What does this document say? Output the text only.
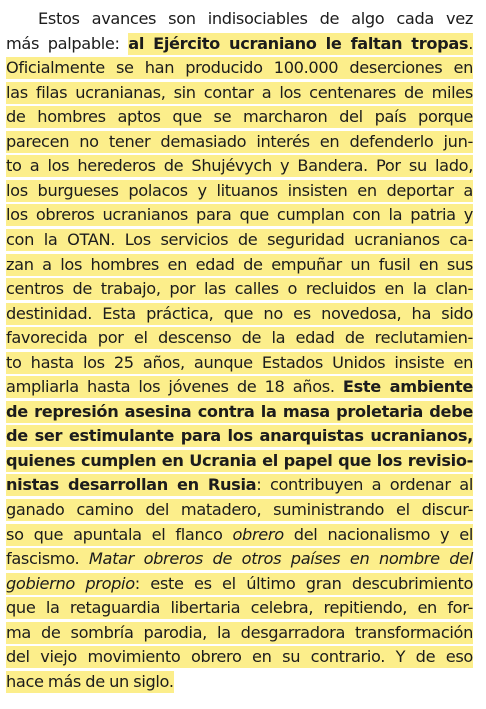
Estos avances son indisociables de algo cada vez
más palpable: al Ejército ucraniano le faltan tropas.
Oficialmente se han producido 100.000 deserciones en
las filas ucranianas, sin contar a los centenares de miles
de hombres aptos que se marcharon del país porque
parecen no tener demasiado interés en defenderlo jun-
to a los herederos de Shujévych y Bandera. Por su lado,
los burgueses polacos y lituanos insisten en deportar a
los obreros ucranianos para que cumplan con la patria y
con la OTAN. Los servicios de seguridad ucranianos ca-
zan a los hombres en edad de empuñar un fusil en sus
centros de trabajo, por las calles o recluidos en la clan-
destinidad. Esta práctica, que no es novedosa, ha sido
favorecida por el descenso de la edad de reclutamien-
to hasta los 25 años, aunque Estados Unidos insiste en
ampliarla hasta los jóvenes de 18 años. Este ambiente
de represión asesina contra la masa proletaria debe
de ser estimulante para los anarquistas ucranianos,
quienes cumplen en Ucrania el papel que los revisio-
nistas desarrollan en Rusia: contribuyen a ordenar al
ganado camino del matadero, suministrando el discur-
so que apuntala el flanco obrero del nacionalismo y el
fascismo. Matar obreros de otros países en nombre del
gobierno propio: este es el último gran descubrimiento
que la retaguardia libertaria celebra, repitiendo, en for-
ma de sombría parodia, la desgarradora transformación
del viejo movimiento obrero en su contrario. Y de eso
hace más de un siglo.
